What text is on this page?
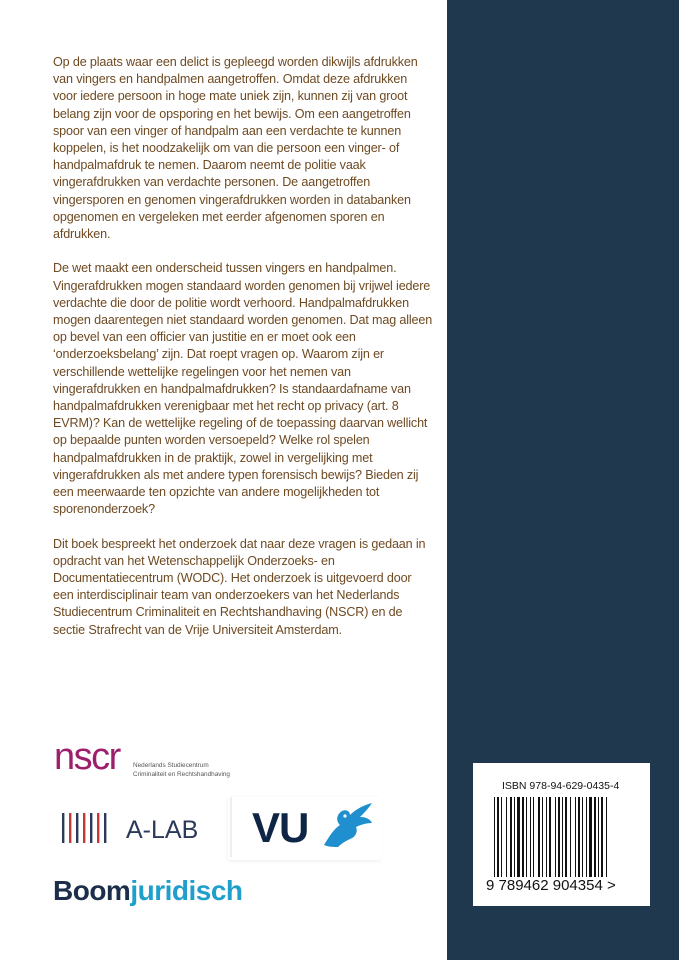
Op de plaats waar een delict is gepleegd worden dikwijls afdrukken van vingers en handpalmen aangetroffen. Omdat deze afdrukken voor iedere persoon in hoge mate uniek zijn, kunnen zij van groot belang zijn voor de opsporing en het bewijs. Om een aangetroffen spoor van een vinger of handpalm aan een verdachte te kunnen koppelen, is het noodzakelijk om van die persoon een vinger- of handpalmafdruk te nemen. Daarom neemt de politie vaak vingerafdrukken van verdachte personen. De aangetroffen vingersporen en genomen vingerafdrukken worden in databanken opgenomen en vergeleken met eerder afgenomen sporen en afdrukken.

De wet maakt een onderscheid tussen vingers en handpalmen. Vingerafdrukken mogen standaard worden genomen bij vrijwel iedere verdachte die door de politie wordt verhoord. Handpalmafdrukken mogen daarentegen niet standaard worden genomen. Dat mag alleen op bevel van een officier van justitie en er moet ook een ‘onderzoeksbelang’ zijn. Dat roept vragen op. Waarom zijn er verschillende wettelijke regelingen voor het nemen van vingerafdrukken en handpalmafdrukken? Is standaardafname van handpalmafdrukken verenigbaar met het recht op privacy (art. 8 EVRM)? Kan de wettelijke regeling of de toepassing daarvan wellicht op bepaalde punten worden versoepeld? Welke rol spelen handpalmafdrukken in de praktijk, zowel in vergelijking met vingerafdrukken als met andere typen forensisch bewijs? Bieden zij een meerwaarde ten opzichte van andere mogelijkheden tot sporenonderzoek?

Dit boek bespreekt het onderzoek dat naar deze vragen is gedaan in opdracht van het Wetenschappelijk Onderzoeks- en Documentatiecentrum (WODC). Het onderzoek is uitgevoerd door een interdisciplinair team van onderzoekers van het Nederlands Studiecentrum Criminaliteit en Rechtshandhaving (NSCR) en de sectie Strafrecht van de Vrije Universiteit Amsterdam.

nscr Nederlands Studiecentrum
Criminaliteit en Rechtshandhaving
A-LAB VU
Boomjuridisch
ISBN 978-94-629-0435-4
9 789462 904354 >
